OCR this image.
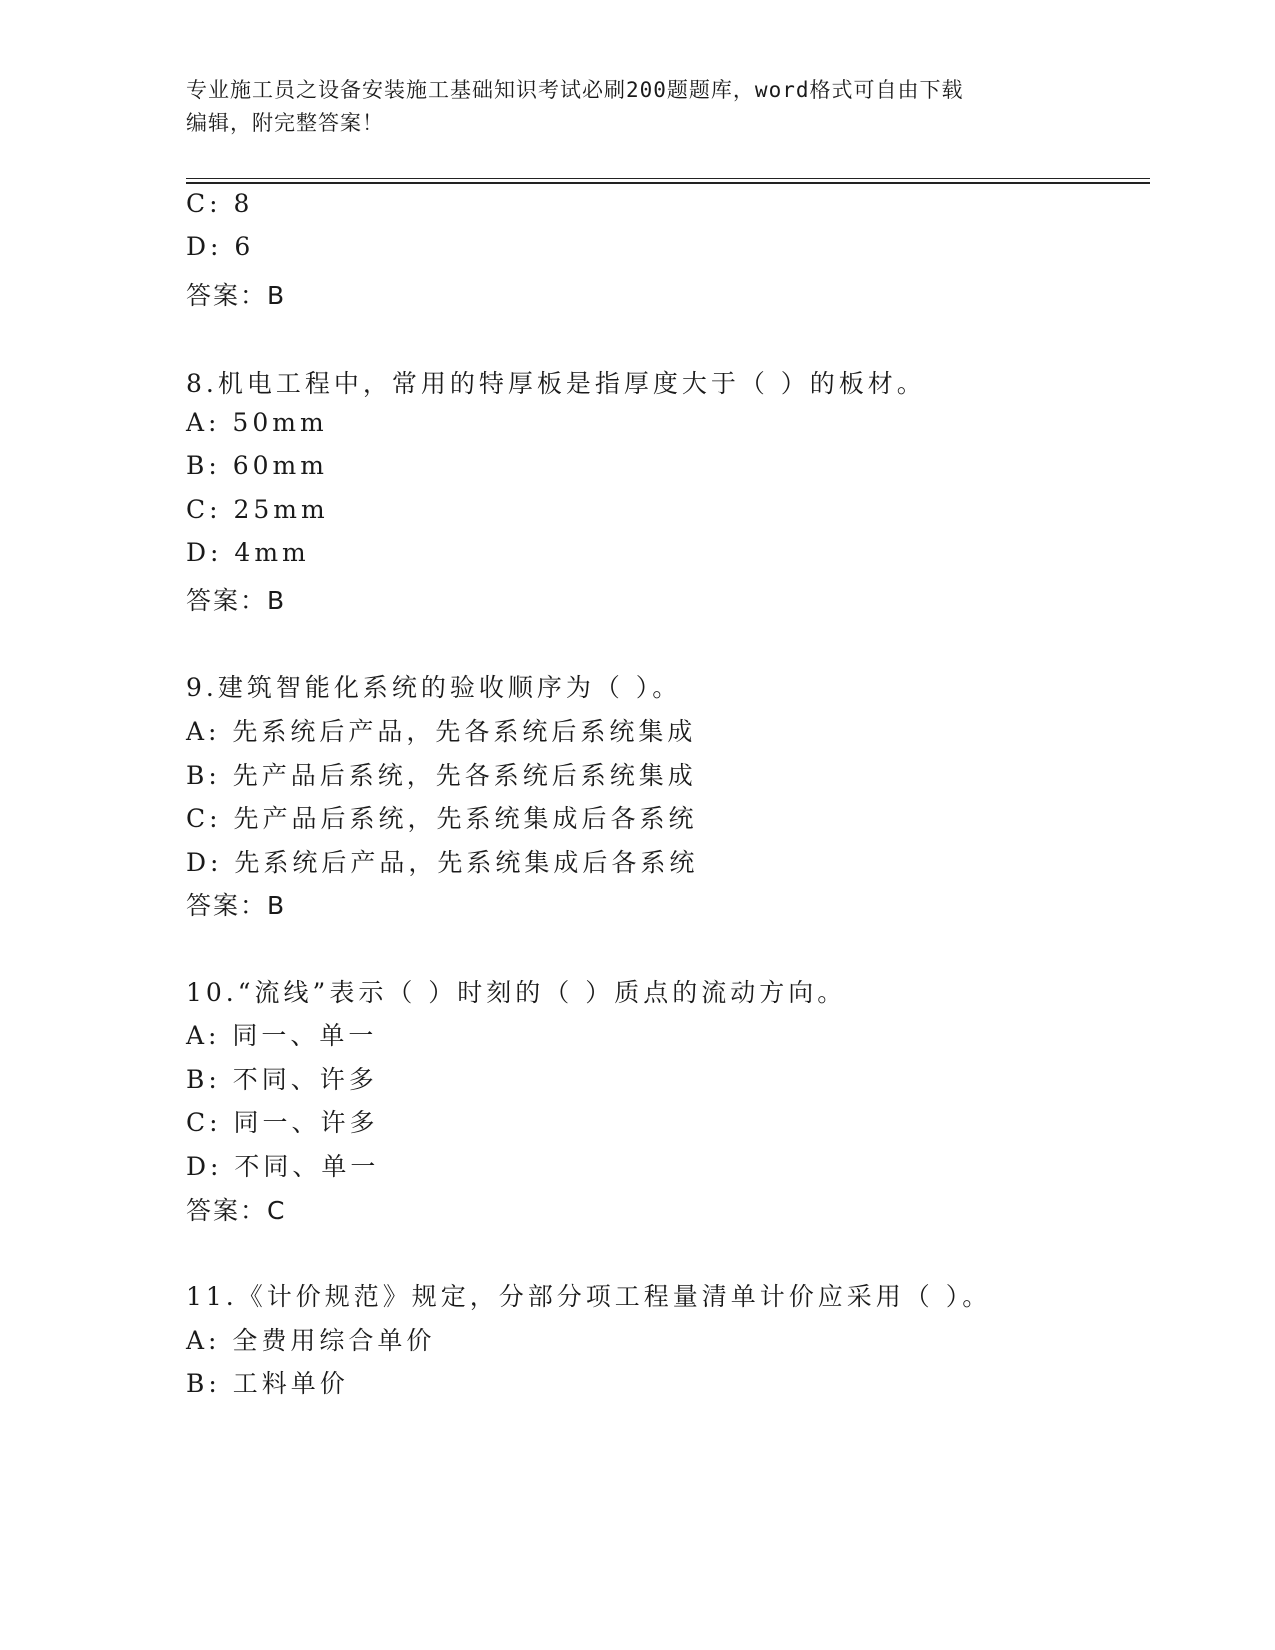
专业施工员之设备安装施工基础知识考试必刷200题题库，word格式可自由下载
编辑，附完整答案！
C: 8
D: 6
答案：B
8.机电工程中，常用的特厚板是指厚度大于（ ）的板材。
A: 50mm
B: 60mm
C: 25mm
D: 4mm
答案：B
9.建筑智能化系统的验收顺序为（ ）。
A: 先系统后产品，先各系统后系统集成
B: 先产品后系统，先各系统后系统集成
C: 先产品后系统，先系统集成后各系统
D: 先系统后产品，先系统集成后各系统
答案：B
10.“流线”表示（ ）时刻的（ ）质点的流动方向。
A: 同一、单一
B: 不同、许多
C: 同一、许多
D: 不同、单一
答案：C
11.《计价规范》规定，分部分项工程量清单计价应采用（ ）。
A: 全费用综合单价
B: 工料单价
